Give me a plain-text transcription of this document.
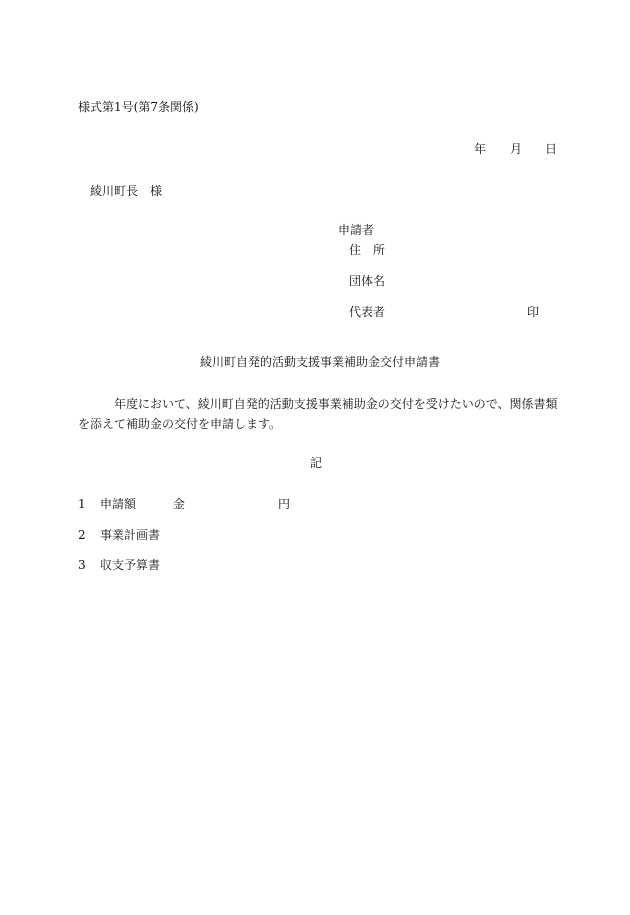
様式第1号(第7条関係)
年 月 日
綾川町長　様
申請者
住　所
団体名
代表者	印
綾川町自発的活動支援事業補助金交付申請書
年度において、綾川町自発的活動支援事業補助金の交付を受けたいので、関係書類を添えて補助金の交付を申請します。
記
1 申請額	金	円
2 事業計画書
3 収支予算書
